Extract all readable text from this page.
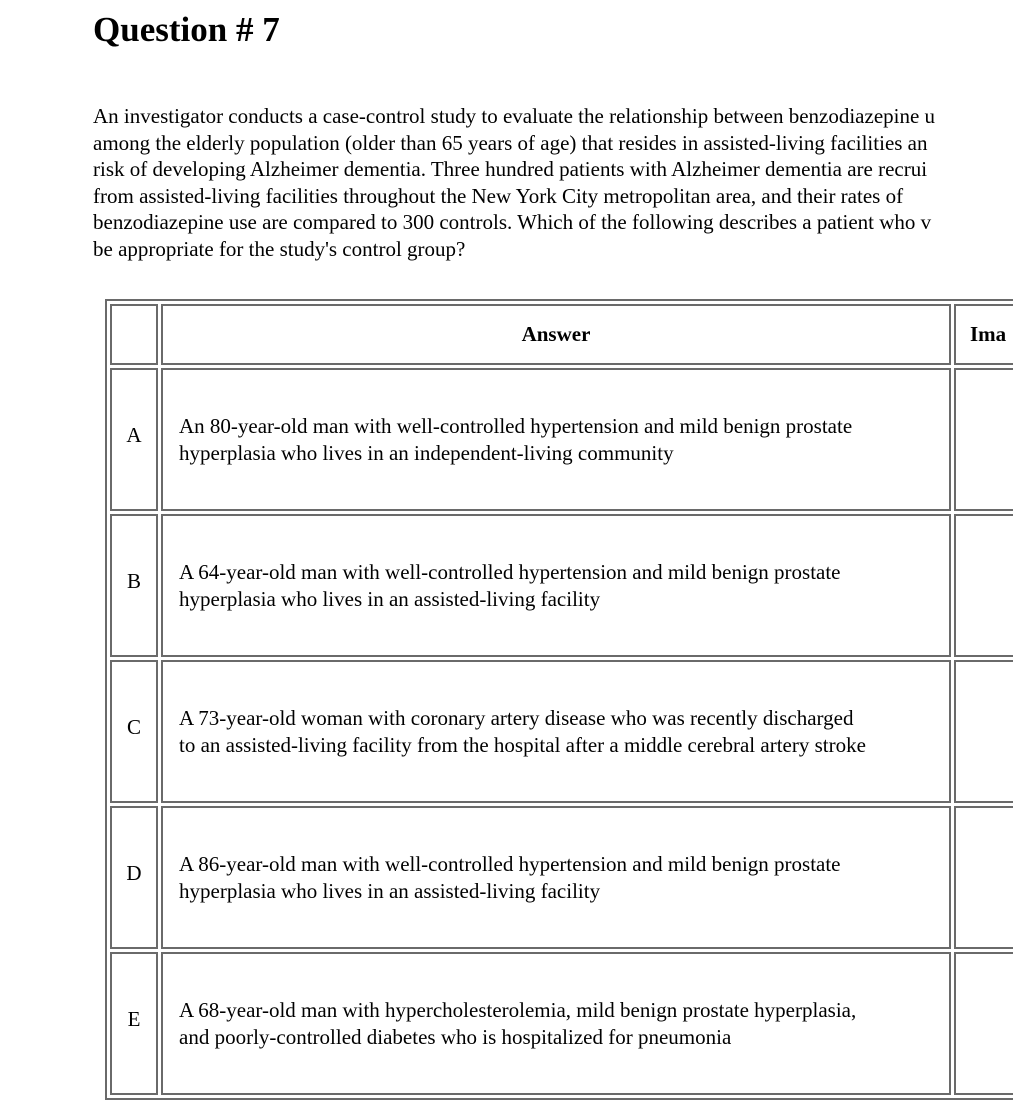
Question # 7

An investigator conducts a case-control study to evaluate the relationship between benzodiazepine u
among the elderly population (older than 65 years of age) that resides in assisted-living facilities an
risk of developing Alzheimer dementia. Three hundred patients with Alzheimer dementia are recrui
from assisted-living facilities throughout the New York City metropolitan area, and their rates of
benzodiazepine use are compared to 300 controls. Which of the following describes a patient who v
be appropriate for the study's control group?

	Answer	Ima
A	An 80-year-old man with well-controlled hypertension and mild benign prostate
hyperplasia who lives in an independent-living community	
B	A 64-year-old man with well-controlled hypertension and mild benign prostate
hyperplasia who lives in an assisted-living facility	
C	A 73-year-old woman with coronary artery disease who was recently discharged
to an assisted-living facility from the hospital after a middle cerebral artery stroke	
D	A 86-year-old man with well-controlled hypertension and mild benign prostate
hyperplasia who lives in an assisted-living facility	
E	A 68-year-old man with hypercholesterolemia, mild benign prostate hyperplasia,
and poorly-controlled diabetes who is hospitalized for pneumonia	
